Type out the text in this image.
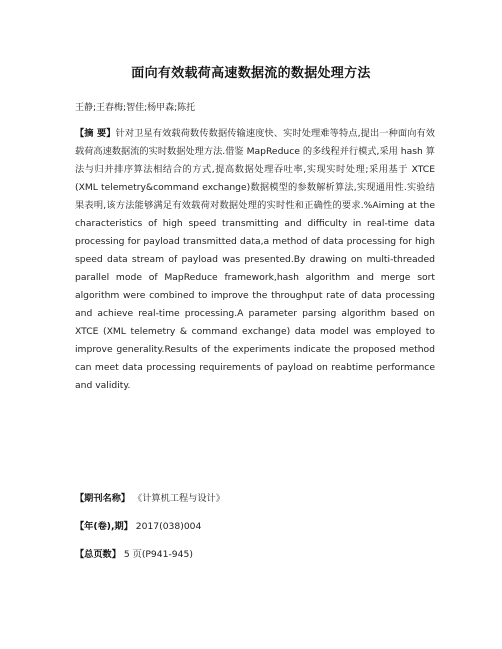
面向有效载荷高速数据流的数据处理方法
王静;王春梅;智佳;杨甲森;陈托
【摘 要】针对卫星有效载荷数传数据传输速度快、实时处理难等特点,提出一种面向有效载荷高速数据流的实时数据处理方法.借鉴 MapReduce 的多线程并行模式,采用 hash 算法与归并排序算法相结合的方式,提高数据处理吞吐率,实现实时处理;采用基于 XTCE (XML telemetry&command exchange)数据模型的参数解析算法,实现通用性.实验结果表明,该方法能够满足有效载荷对数据处理的实时性和正确性的要求.%Aiming at the characteristics of high speed transmitting and difficulty in real-time data processing for payload transmitted data,a method of data processing for high speed data stream of payload was presented.By drawing on multi-threaded parallel mode of MapReduce framework,hash algorithm and merge sort algorithm were combined to improve the throughput rate of data processing and achieve real-time processing.A parameter parsing algorithm based on XTCE (XML telemetry & command exchange) data model was employed to improve generality.Results of the experiments indicate the proposed method can meet data processing requirements of payload on reabtime performance and validity.
【期刊名称】 《计算机工程与设计》
【年(卷),期】 2017(038)004
【总页数】 5 页(P941-945)
